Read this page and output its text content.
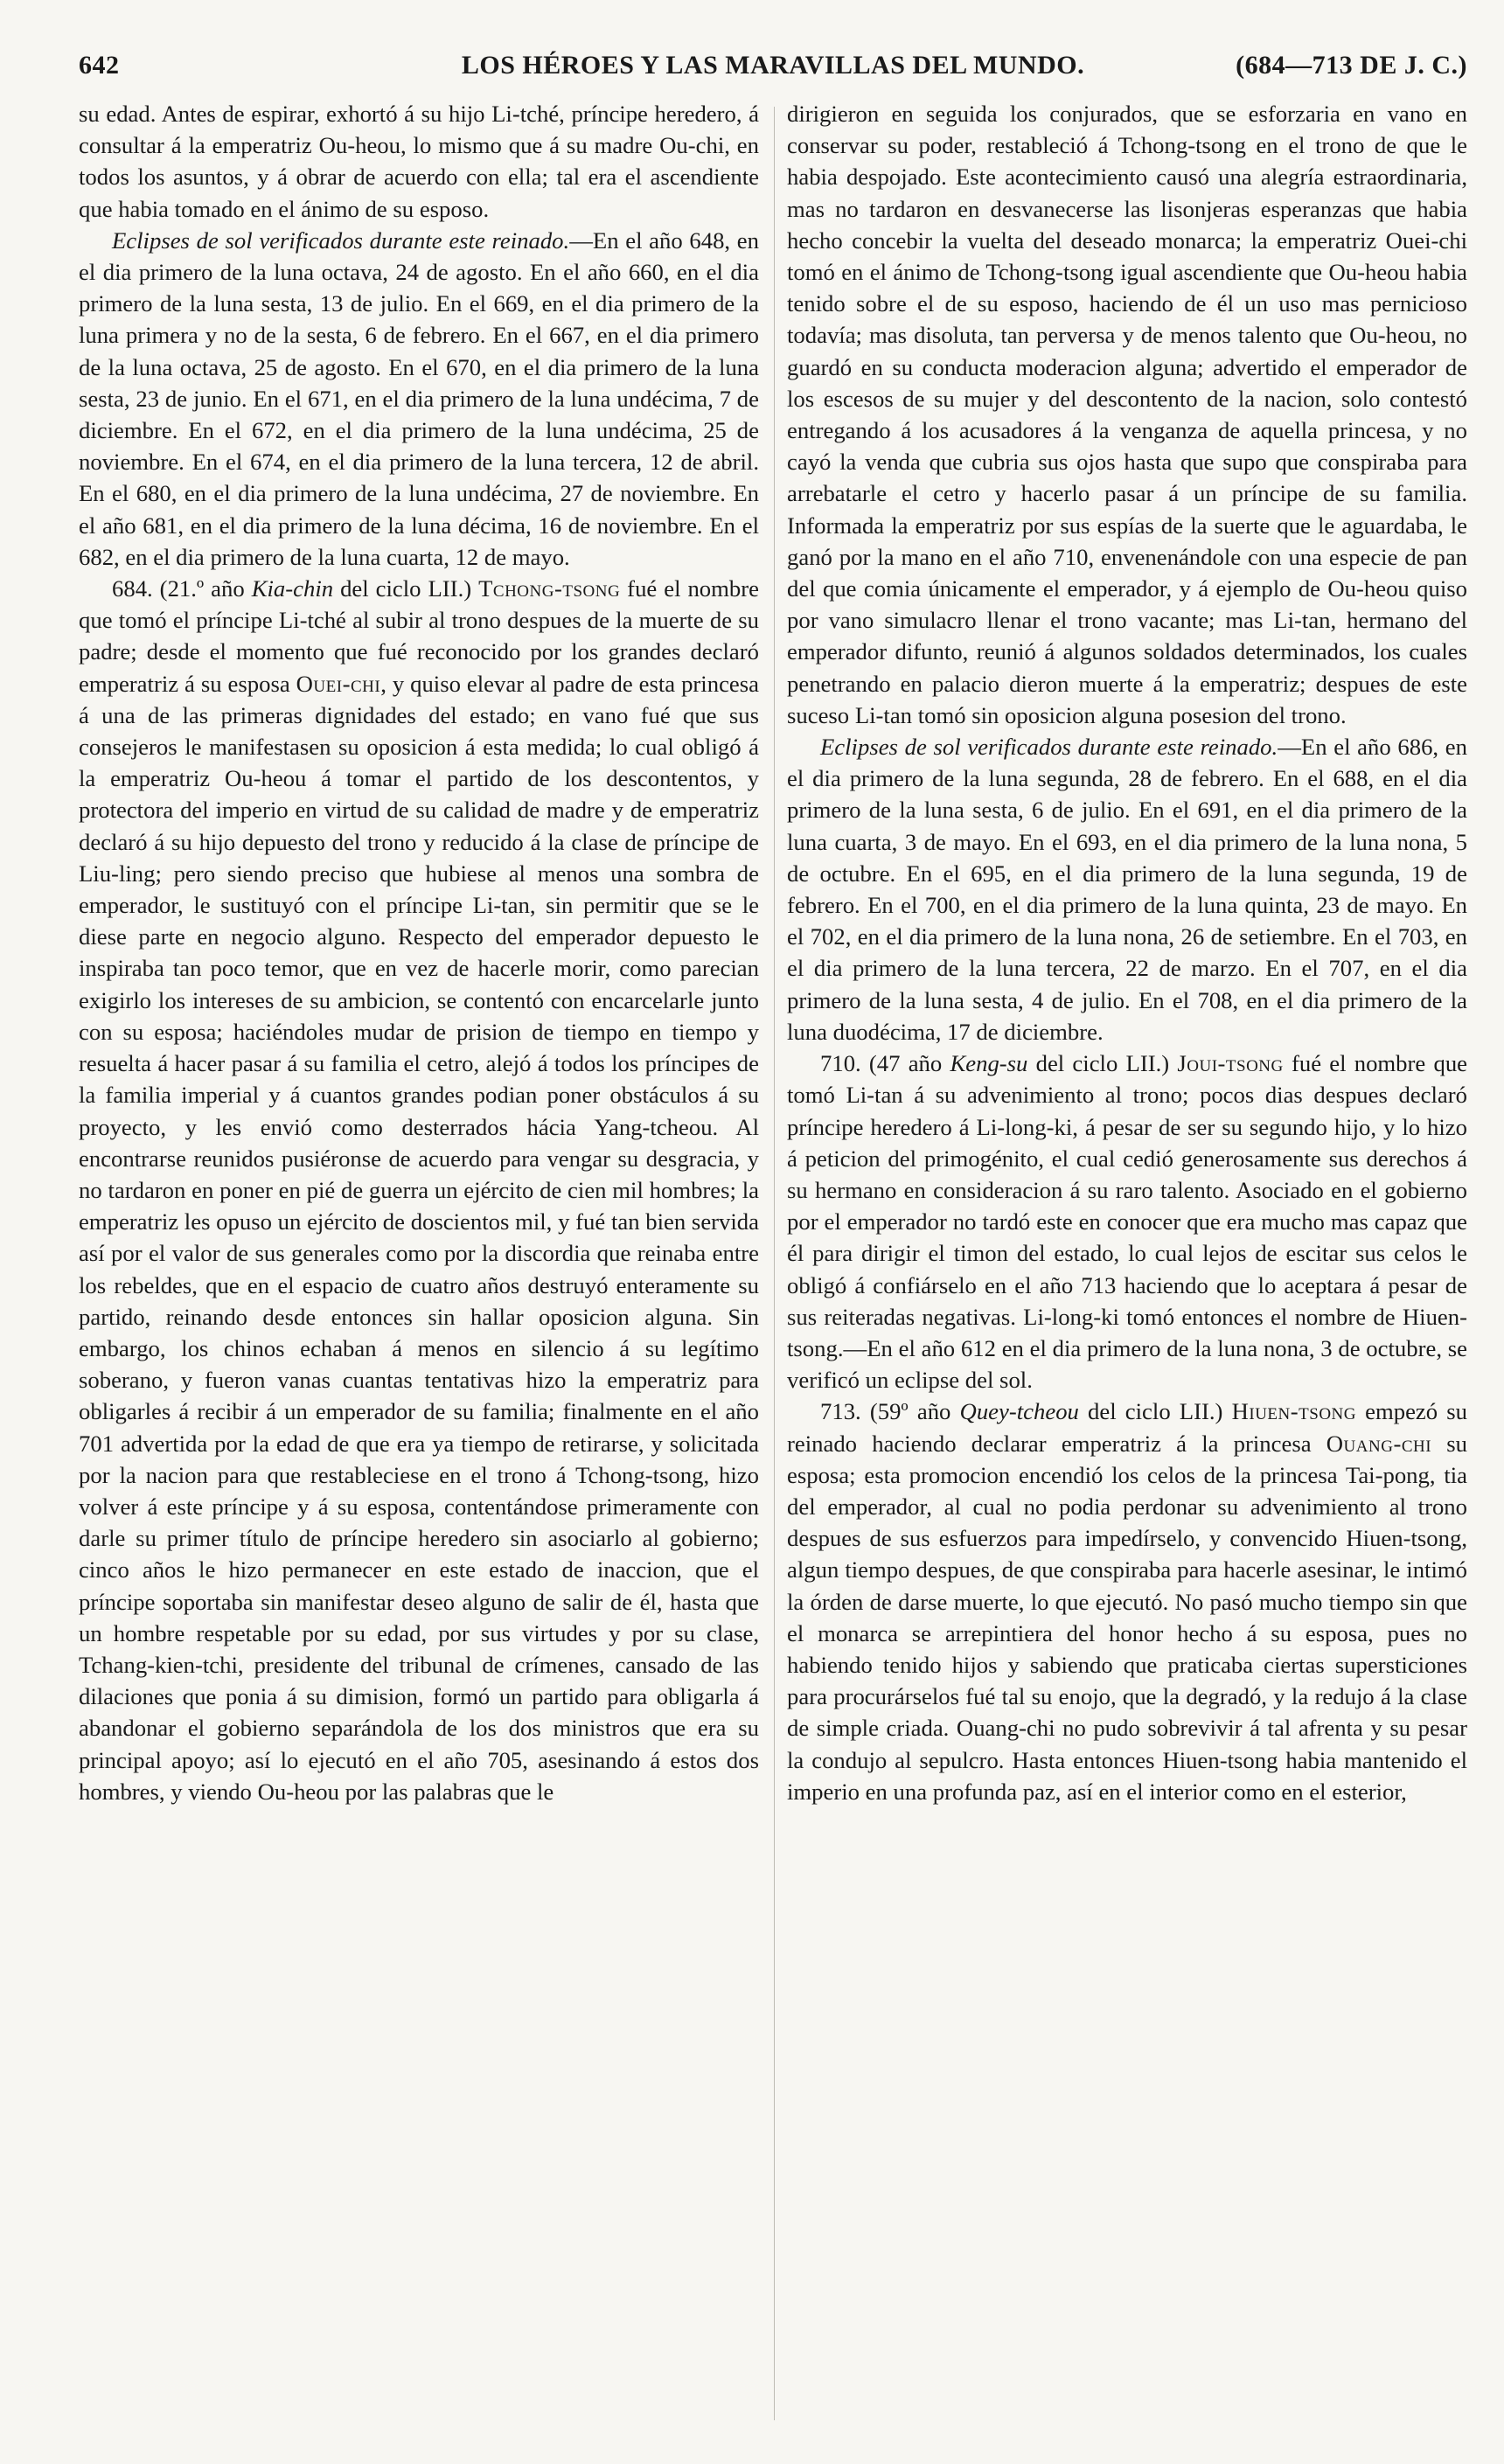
642	LOS HÉROES Y LAS MARAVILLAS DEL MUNDO.	(684—713 DE J. C.)

su edad. Antes de espirar, exhortó á su hijo Li-tché, príncipe heredero, á consultar á la emperatriz Ou-heou, lo mismo que á su madre Ou-chi, en todos los asuntos, y á obrar de acuerdo con ella; tal era el ascendiente que habia tomado en el ánimo de su esposo.

Eclipses de sol verificados durante este reinado.—En el año 648, en el dia primero de la luna octava, 24 de agosto. En el año 660, en el dia primero de la luna sesta, 13 de julio. En el 669, en el dia primero de la luna primera y no de la sesta, 6 de febrero. En el 667, en el dia primero de la luna octava, 25 de agosto. En el 670, en el dia primero de la luna sesta, 23 de junio. En el 671, en el dia primero de la luna undécima, 7 de diciembre. En el 672, en el dia primero de la luna undécima, 25 de noviembre. En el 674, en el dia primero de la luna tercera, 12 de abril. En el 680, en el dia primero de la luna undécima, 27 de noviembre. En el año 681, en el dia primero de la luna décima, 16 de noviembre. En el 682, en el dia primero de la luna cuarta, 12 de mayo.

684. (21.º año Kia-chin del ciclo LII.) Tchong-tsong fué el nombre que tomó el príncipe Li-tché al subir al trono despues de la muerte de su padre; desde el momento que fué reconocido por los grandes declaró emperatriz á su esposa Ouei-chi, y quiso elevar al padre de esta princesa á una de las primeras dignidades del estado; en vano fué que sus consejeros le manifestasen su oposicion á esta medida; lo cual obligó á la emperatriz Ou-heou á tomar el partido de los descontentos, y protectora del imperio en virtud de su calidad de madre y de emperatriz declaró á su hijo depuesto del trono y reducido á la clase de príncipe de Liu-ling; pero siendo preciso que hubiese al menos una sombra de emperador, le sustituyó con el príncipe Li-tan, sin permitir que se le diese parte en negocio alguno. Respecto del emperador depuesto le inspiraba tan poco temor, que en vez de hacerle morir, como parecian exigirlo los intereses de su ambicion, se contentó con encarcelarle junto con su esposa; haciéndoles mudar de prision de tiempo en tiempo y resuelta á hacer pasar á su familia el cetro, alejó á todos los príncipes de la familia imperial y á cuantos grandes podian poner obstáculos á su proyecto, y les envió como desterrados hácia Yang-tcheou. Al encontrarse reunidos pusiéronse de acuerdo para vengar su desgracia, y no tardaron en poner en pié de guerra un ejército de cien mil hombres; la emperatriz les opuso un ejército de doscientos mil, y fué tan bien servida así por el valor de sus generales como por la discordia que reinaba entre los rebeldes, que en el espacio de cuatro años destruyó enteramente su partido, reinando desde entonces sin hallar oposicion alguna. Sin embargo, los chinos echaban á menos en silencio á su legítimo soberano, y fueron vanas cuantas tentativas hizo la emperatriz para obligarles á recibir á un emperador de su familia; finalmente en el año 701 advertida por la edad de que era ya tiempo de retirarse, y solicitada por la nacion para que restableciese en el trono á Tchong-tsong, hizo volver á este príncipe y á su esposa, contentándose primeramente con darle su primer título de príncipe heredero sin asociarlo al gobierno; cinco años le hizo permanecer en este estado de inaccion, que el príncipe soportaba sin manifestar deseo alguno de salir de él, hasta que un hombre respetable por su edad, por sus virtudes y por su clase, Tchang-kien-tchi, presidente del tribunal de crímenes, cansado de las dilaciones que ponia á su dimision, formó un partido para obligarla á abandonar el gobierno separándola de los dos ministros que era su principal apoyo; así lo ejecutó en el año 705, asesinando á estos dos hombres, y viendo Ou-heou por las palabras que le

dirigieron en seguida los conjurados, que se esforzaria en vano en conservar su poder, restableció á Tchong-tsong en el trono de que le habia despojado. Este acontecimiento causó una alegría estraordinaria, mas no tardaron en desvanecerse las lisonjeras esperanzas que habia hecho concebir la vuelta del deseado monarca; la emperatriz Ouei-chi tomó en el ánimo de Tchong-tsong igual ascendiente que Ou-heou habia tenido sobre el de su esposo, haciendo de él un uso mas pernicioso todavía; mas disoluta, tan perversa y de menos talento que Ou-heou, no guardó en su conducta moderacion alguna; advertido el emperador de los escesos de su mujer y del descontento de la nacion, solo contestó entregando á los acusadores á la venganza de aquella princesa, y no cayó la venda que cubria sus ojos hasta que supo que conspiraba para arrebatarle el cetro y hacerlo pasar á un príncipe de su familia. Informada la emperatriz por sus espías de la suerte que le aguardaba, le ganó por la mano en el año 710, envenenándole con una especie de pan del que comia únicamente el emperador, y á ejemplo de Ou-heou quiso por vano simulacro llenar el trono vacante; mas Li-tan, hermano del emperador difunto, reunió á algunos soldados determinados, los cuales penetrando en palacio dieron muerte á la emperatriz; despues de este suceso Li-tan tomó sin oposicion alguna posesion del trono.

Eclipses de sol verificados durante este reinado.—En el año 686, en el dia primero de la luna segunda, 28 de febrero. En el 688, en el dia primero de la luna sesta, 6 de julio. En el 691, en el dia primero de la luna cuarta, 3 de mayo. En el 693, en el dia primero de la luna nona, 5 de octubre. En el 695, en el dia primero de la luna segunda, 19 de febrero. En el 700, en el dia primero de la luna quinta, 23 de mayo. En el 702, en el dia primero de la luna nona, 26 de setiembre. En el 703, en el dia primero de la luna tercera, 22 de marzo. En el 707, en el dia primero de la luna sesta, 4 de julio. En el 708, en el dia primero de la luna duodécima, 17 de diciembre.

710. (47 año Keng-su del ciclo LII.) Joui-tsong fué el nombre que tomó Li-tan á su advenimiento al trono; pocos dias despues declaró príncipe heredero á Li-long-ki, á pesar de ser su segundo hijo, y lo hizo á peticion del primogénito, el cual cedió generosamente sus derechos á su hermano en consideracion á su raro talento. Asociado en el gobierno por el emperador no tardó este en conocer que era mucho mas capaz que él para dirigir el timon del estado, lo cual lejos de escitar sus celos le obligó á confiárselo en el año 713 haciendo que lo aceptara á pesar de sus reiteradas negativas. Li-long-ki tomó entonces el nombre de Hiuen-tsong.—En el año 612 en el dia primero de la luna nona, 3 de octubre, se verificó un eclipse del sol.

713. (59º año Quey-tcheou del ciclo LII.) Hiuen-tsong empezó su reinado haciendo declarar emperatriz á la princesa Ouang-chi su esposa; esta promocion encendió los celos de la princesa Tai-pong, tia del emperador, al cual no podia perdonar su advenimiento al trono despues de sus esfuerzos para impedírselo, y convencido Hiuen-tsong, algun tiempo despues, de que conspiraba para hacerle asesinar, le intimó la órden de darse muerte, lo que ejecutó. No pasó mucho tiempo sin que el monarca se arrepintiera del honor hecho á su esposa, pues no habiendo tenido hijos y sabiendo que praticaba ciertas supersticiones para procurárselos fué tal su enojo, que la degradó, y la redujo á la clase de simple criada. Ouang-chi no pudo sobrevivir á tal afrenta y su pesar la condujo al sepulcro. Hasta entonces Hiuen-tsong habia mantenido el imperio en una profunda paz, así en el interior como en el esterior,
